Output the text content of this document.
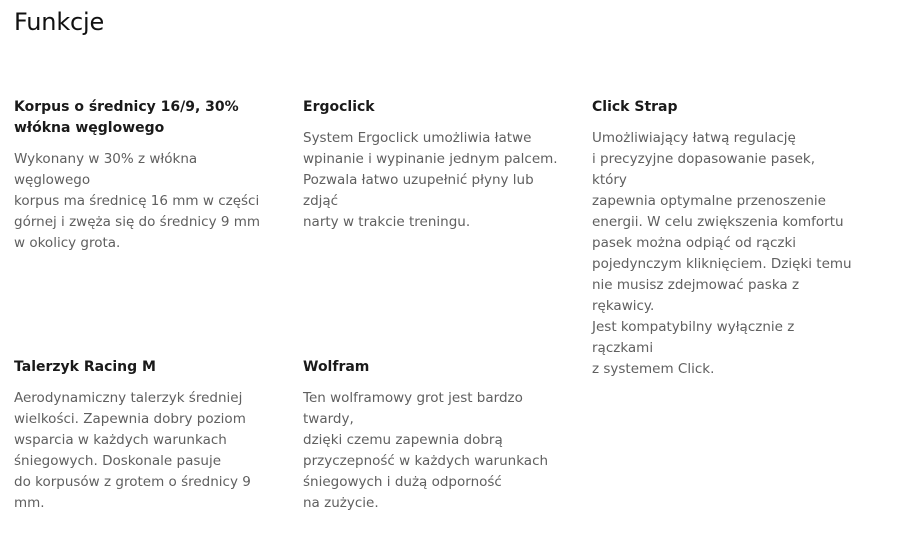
Funkcje
Korpus o średnicy 16/9, 30% włókna węglowego

Wykonany w 30% z włókna węglowego
korpus ma średnicę 16 mm w części
górnej i zwęża się do średnicy 9 mm
w okolicy grota.

Ergoclick

System Ergoclick umożliwia łatwe
wpinanie i wypinanie jednym palcem.
Pozwala łatwo uzupełnić płyny lub zdjąć
narty w trakcie treningu.

Click Strap

Umożliwiający łatwą regulację
i precyzyjne dopasowanie pasek, który
zapewnia optymalne przenoszenie
energii. W celu zwiększenia komfortu
pasek można odpiąć od rączki
pojedynczym kliknięciem. Dzięki temu
nie musisz zdejmować paska z rękawicy.
Jest kompatybilny wyłącznie z rączkami
z systemem Click.

Talerzyk Racing M

Aerodynamiczny talerzyk średniej
wielkości. Zapewnia dobry poziom
wsparcia w każdych warunkach
śniegowych. Doskonale pasuje
do korpusów z grotem o średnicy 9 mm.

Wolfram

Ten wolframowy grot jest bardzo twardy,
dzięki czemu zapewnia dobrą
przyczepność w każdych warunkach
śniegowych i dużą odporność
na zużycie.
